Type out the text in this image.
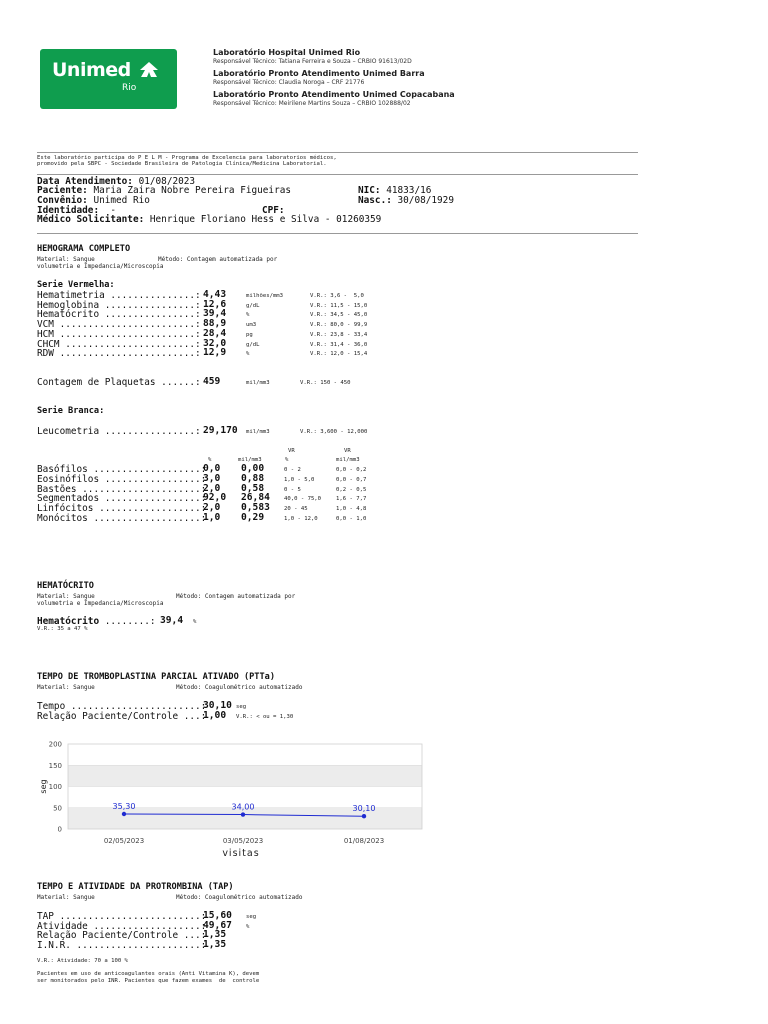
Unimed
Rio
Laboratório Hospital Unimed Rio
Responsável Técnico: Tatiana Ferreira e Souza – CRBIO 91613/02D
Laboratório Pronto Atendimento Unimed Barra
Responsável Técnico: Claudia Noroga – CRF 21776
Laboratório Pronto Atendimento Unimed Copacabana
Responsável Técnico: Meirilene Martins Souza – CRBIO 102888/02
Este laboratório participa do P E L M - Programa de Excelencia para laboratorios médicos,
promovido pela SBPC - Sociedade Brasileira de Patologia Clínica/Medicina Laboratorial.
Data Atendimento: 01/08/2023
Paciente: Maria Zaira Nobre Pereira Figueiras	NIC: 41833/16
Convênio: Unimed Rio	Nasc.: 30/08/1929
Identidade:  -	CPF:
Médico Solicitante: Henrique Floriano Hess e Silva - 01260359
HEMOGRAMA COMPLETO
Material: Sangue	Método: Contagem automatizada por
volumetria e Impedancia/Microscopia
Serie Vermelha:
Hematimetria ...............: 4,43	milhões/mm3	V.R.: 3,6 -  5,0
Hemoglobina ................: 12,6	g/dL	V.R.: 11,5 - 15,0
Hematócrito ................: 39,4	%	V.R.: 34,5 - 45,0
VCM ........................: 88,9	um3	V.R.: 80,0 - 99,9
HCM ........................: 28,4	pg	V.R.: 23,8 - 33,4
CHCM .......................: 32,0	g/dL	V.R.: 31,4 - 36,0
RDW ........................: 12,9	%	V.R.: 12,0 - 15,4
Contagem de Plaquetas ......: 459	mil/mm3	V.R.: 150 - 450
Serie Branca:
Leucometria ................: 29,170 mil/mm3	V.R.: 3,600 - 12,000
VR	VR
%	mil/mm3	%	mil/mm3
Basófilos ...................:
0,0 0,00	0 - 2	0,0 - 0,2
Eosinófilos .................:
3,0 0,88	1,0 - 5,0	0,0 - 0,7
Bastões .....................:
2,0 0,58	0 - 5	0,2 - 0,5
Segmentados .................:
92,0 26,84	40,0 - 75,0	1,6 - 7,7
Linfócitos ..................:
2,0 0,583	20 - 45	1,0 - 4,8
Monócitos ...................:
1,0 0,29	1,0 - 12,0	0,0 - 1,0
HEMATÓCRITO
Material: Sangue	Método: Contagem automatizada por
volumetria e Impedancia/Microscopia
Hematócrito ........: 39,4 %
V.R.: 35 a 47 %
TEMPO DE TROMBOPLASTINA PARCIAL ATIVADO (PTTa)
Material: Sangue	Método: Coagulométrico automatizado
Tempo .......................:
30,10 seg
Relação Paciente/Controle ...:
1,00 V.R.: < ou = 1,30
0
50
100
150
200
35,30	34,00	30,10
02/05/2023	03/05/2023	01/08/2023
visitas
seg
TEMPO E ATIVIDADE DA PROTROMBINA (TAP)
Material: Sangue	Método: Coagulométrico automatizado
TAP .........................:
15,60	seg
Atividade ...................:
49,67	%
Relação Paciente/Controle ...:
1,35
I.N.R. ......................:
1,35
V.R.: Atividade: 70 a 100 %
Pacientes em uso de anticoagulantes orais (Anti Vitamina K), devem
ser monitorados pelo INR. Pacientes que fazem exames  de  controle
